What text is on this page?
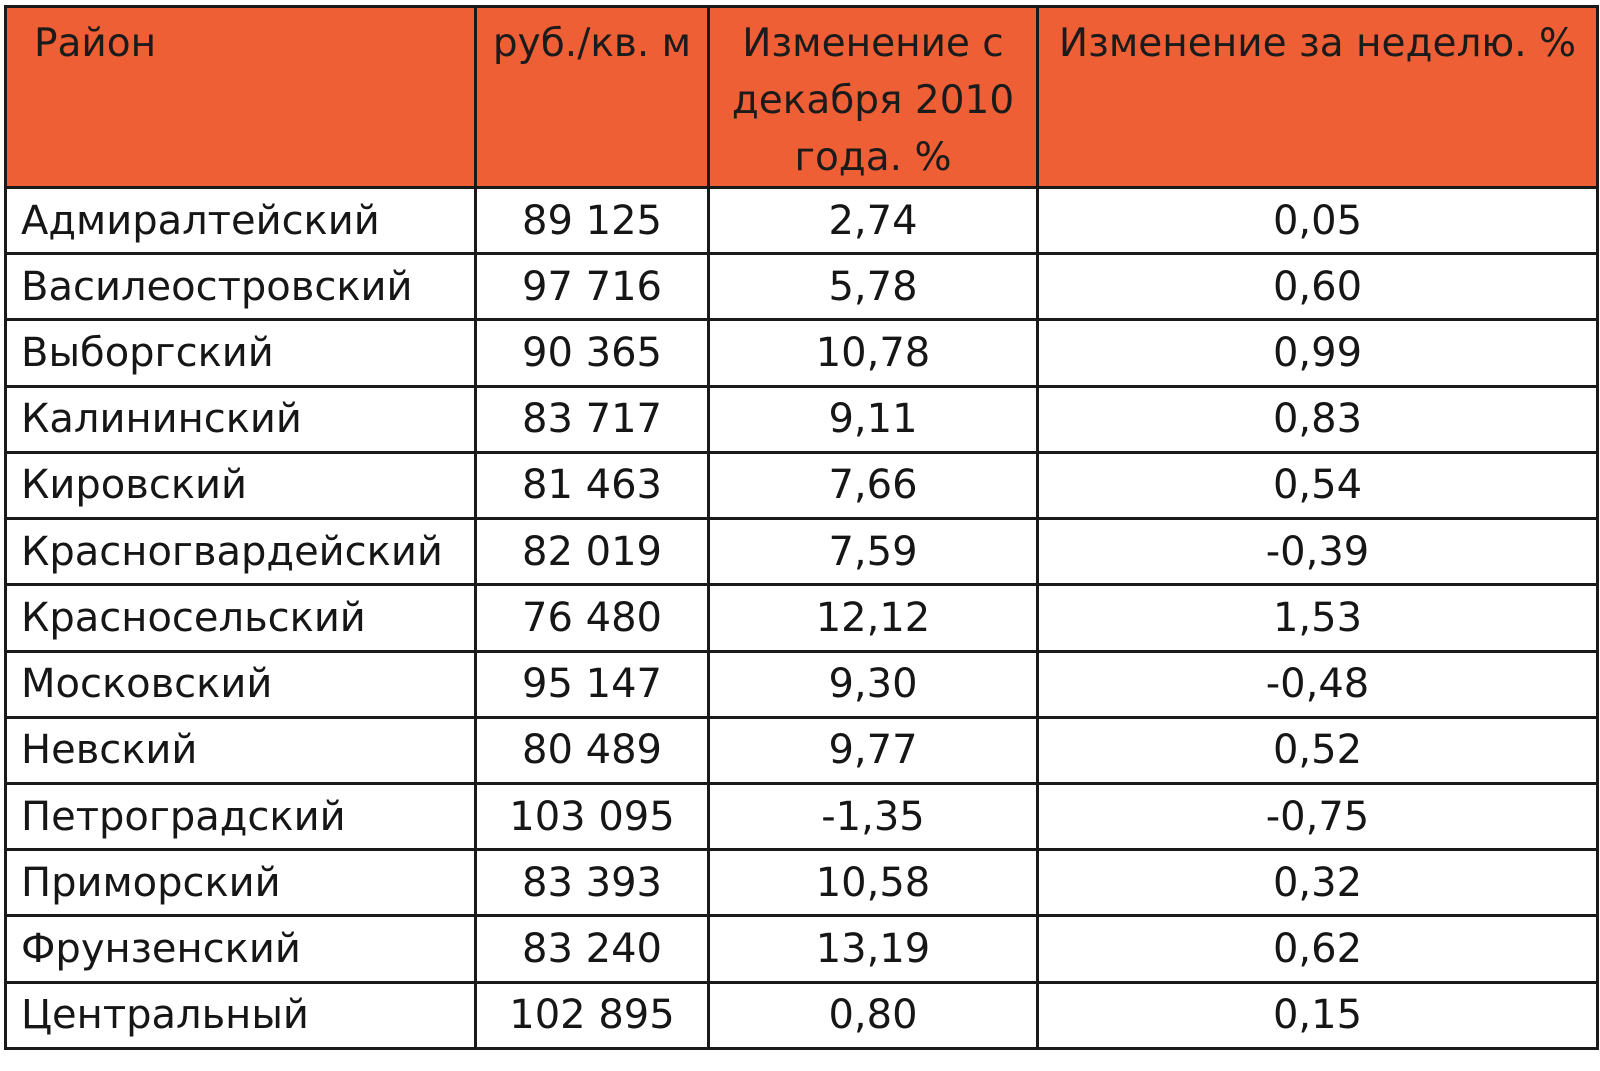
Район	руб./кв. м	Изменение с декабря 2010 года. %	Изменение за неделю. %
Адмиралтейский	89 125	2,74	0,05
Василеостровский	97 716	5,78	0,60
Выборгский	90 365	10,78	0,99
Калининский	83 717	9,11	0,83
Кировский	81 463	7,66	0,54
Красногвардейский	82 019	7,59	-0,39
Красносельский	76 480	12,12	1,53
Московский	95 147	9,30	-0,48
Невский	80 489	9,77	0,52
Петроградский	103 095	-1,35	-0,75
Приморский	83 393	10,58	0,32
Фрунзенский	83 240	13,19	0,62
Центральный	102 895	0,80	0,15
